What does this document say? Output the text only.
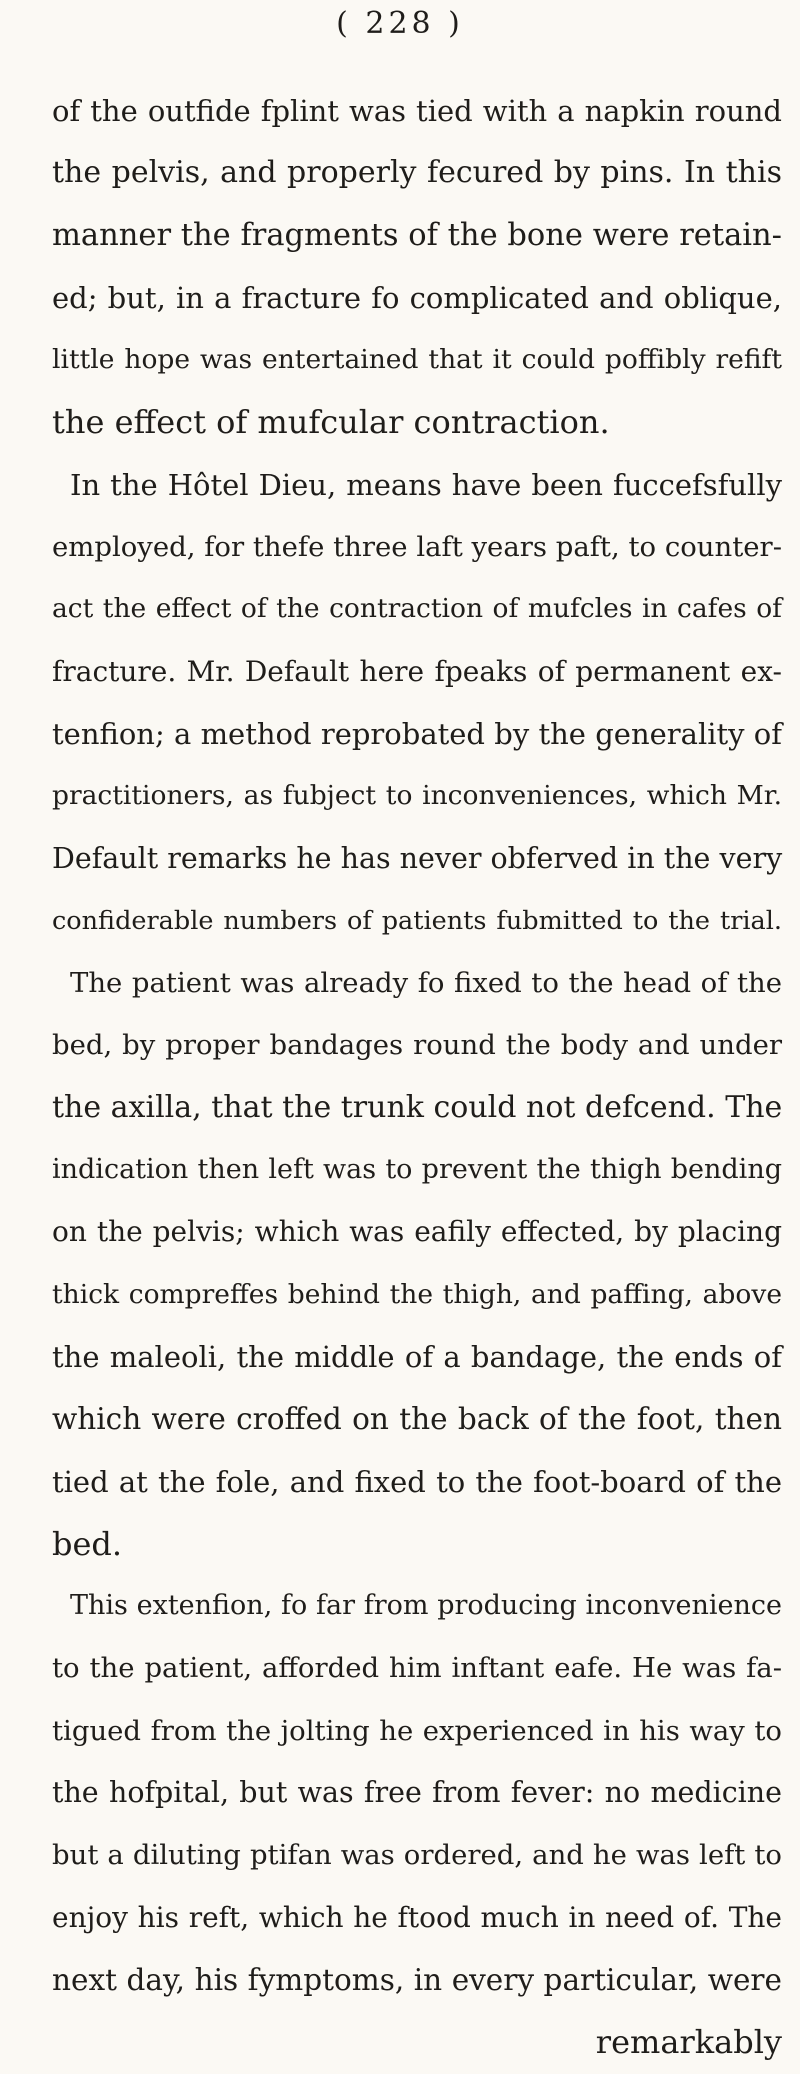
( 228 )
of the outfide fplint was tied with a napkin round
the pelvis, and properly fecured by pins. In this
manner the fragments of the bone were retain-
ed; but, in a fracture fo complicated and oblique,
little hope was entertained that it could poffibly refift
the effect of mufcular contraction.
In the Hôtel Dieu, means have been fuccefsfully
employed, for thefe three laft years paft, to counter-
act the effect of the contraction of mufcles in cafes of
fracture. Mr. Default here fpeaks of permanent ex-
tenfion; a method reprobated by the generality of
practitioners, as fubject to inconveniences, which Mr.
Default remarks he has never obferved in the very
confiderable numbers of patients fubmitted to the trial.
The patient was already fo fixed to the head of the
bed, by proper bandages round the body and under
the axilla, that the trunk could not defcend. The
indication then left was to prevent the thigh bending
on the pelvis; which was eafily effected, by placing
thick compreffes behind the thigh, and paffing, above
the maleoli, the middle of a bandage, the ends of
which were croffed on the back of the foot, then
tied at the fole, and fixed to the foot-board of the
bed.
This extenfion, fo far from producing inconvenience
to the patient, afforded him inftant eafe. He was fa-
tigued from the jolting he experienced in his way to
the hofpital, but was free from fever: no medicine
but a diluting ptifan was ordered, and he was left to
enjoy his reft, which he ftood much in need of. The
next day, his fymptoms, in every particular, were
remarkably
